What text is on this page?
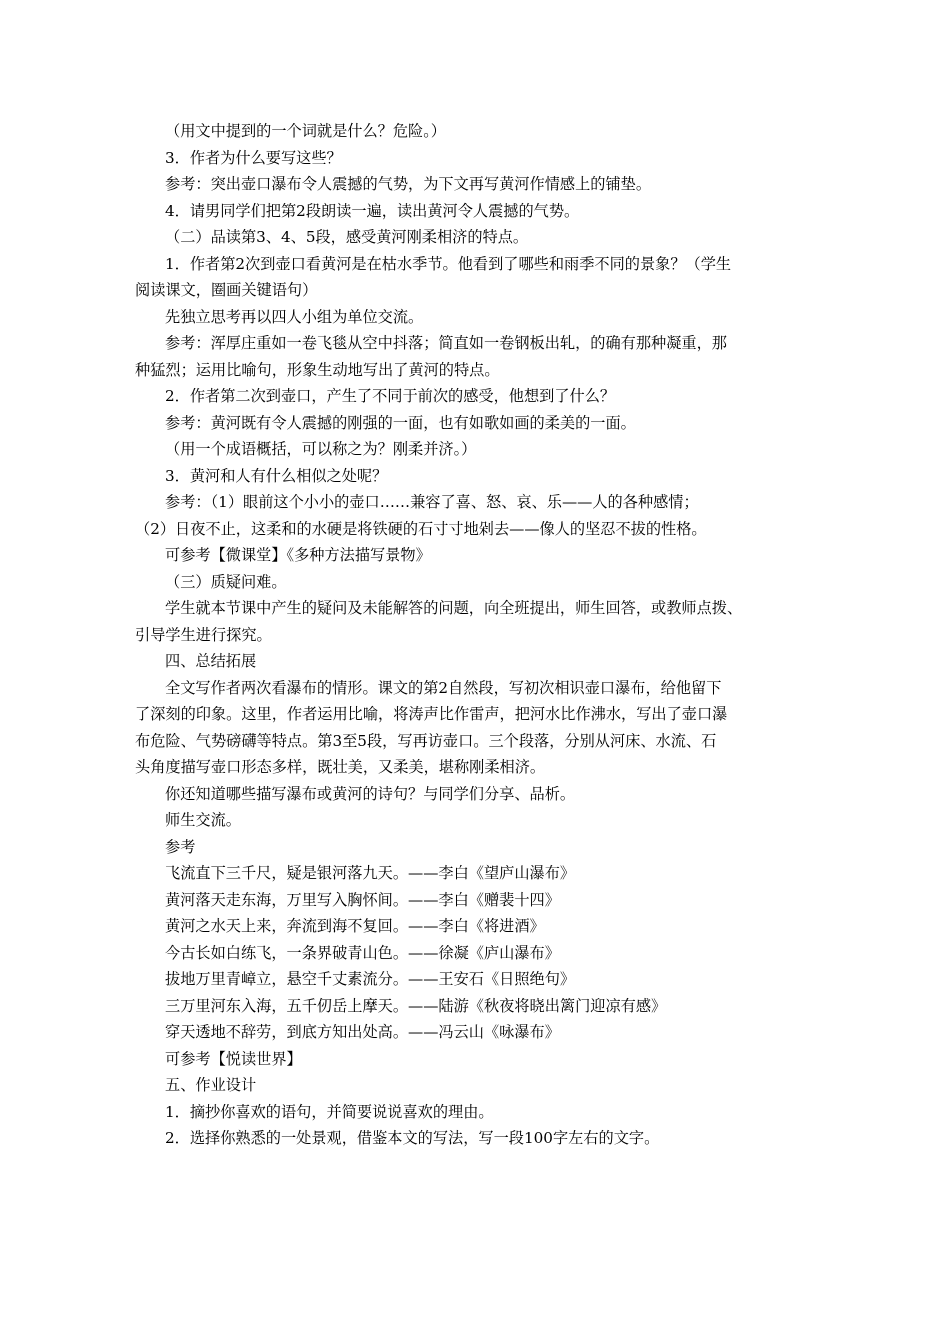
（用文中提到的一个词就是什么？危险。）

3．作者为什么要写这些？

参考：突出壶口瀑布令人震撼的气势，为下文再写黄河作情感上的铺垫。

4．请男同学们把第2段朗读一遍，读出黄河令人震撼的气势。

（二）品读第3、4、5段，感受黄河刚柔相济的特点。

1．作者第2次到壶口看黄河是在枯水季节。他看到了哪些和雨季不同的景象？（学生

阅读课文，圈画关键语句）

先独立思考再以四人小组为单位交流。

参考：浑厚庄重如一卷飞毯从空中抖落；简直如一卷钢板出轧，的确有那种凝重，那

种猛烈；运用比喻句，形象生动地写出了黄河的特点。

2．作者第二次到壶口，产生了不同于前次的感受，他想到了什么？

参考：黄河既有令人震撼的刚强的一面，也有如歌如画的柔美的一面。

（用一个成语概括，可以称之为？刚柔并济。）

3．黄河和人有什么相似之处呢？

参考：（1）眼前这个小小的壶口……兼容了喜、怒、哀、乐——人的各种感情；

（2）日夜不止，这柔和的水硬是将铁硬的石寸寸地剁去——像人的坚忍不拔的性格。

可参考【微课堂】《多种方法描写景物》

（三）质疑问难。

学生就本节课中产生的疑问及未能解答的问题，向全班提出，师生回答，或教师点拨、

引导学生进行探究。

四、总结拓展

全文写作者两次看瀑布的情形。课文的第2自然段，写初次相识壶口瀑布，给他留下

了深刻的印象。这里，作者运用比喻，将涛声比作雷声，把河水比作沸水，写出了壶口瀑

布危险、气势磅礴等特点。第3至5段，写再访壶口。三个段落，分别从河床、水流、石

头角度描写壶口形态多样，既壮美，又柔美，堪称刚柔相济。

你还知道哪些描写瀑布或黄河的诗句？与同学们分享、品析。

师生交流。

参考

飞流直下三千尺，疑是银河落九天。——李白《望庐山瀑布》

黄河落天走东海，万里写入胸怀间。——李白《赠裴十四》

黄河之水天上来，奔流到海不复回。——李白《将进酒》

今古长如白练飞，一条界破青山色。——徐凝《庐山瀑布》

拔地万里青嶂立，悬空千丈素流分。——王安石《日照绝句》

三万里河东入海，五千仞岳上摩天。——陆游《秋夜将晓出篱门迎凉有感》

穿天透地不辞劳，到底方知出处高。——冯云山《咏瀑布》

可参考【悦读世界】

五、作业设计

1．摘抄你喜欢的语句，并简要说说喜欢的理由。

2．选择你熟悉的一处景观，借鉴本文的写法，写一段100字左右的文字。
